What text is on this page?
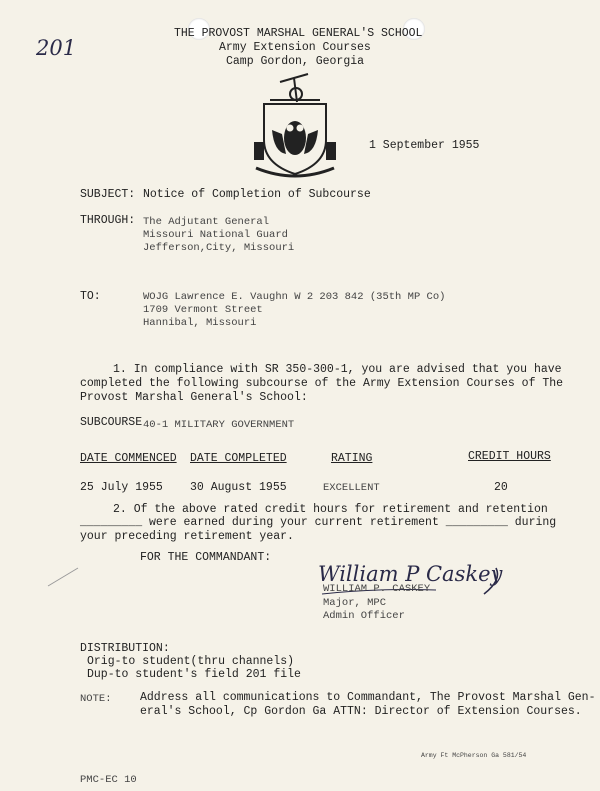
201
THE PROVOST MARSHAL GENERAL'S SCHOOL
Army Extension Courses
Camp Gordon, Georgia
1 September 1955
SUBJECT: Notice of Completion of Subcourse
THROUGH: The Adjutant General
Missouri National Guard
Jefferson,City, Missouri
TO:	WOJG Lawrence E. Vaughn W 2 203 842 (35th MP Co)
1709 Vermont Street
Hannibal, Missouri
1. In compliance with SR 350-300-1, you are advised that you have
completed the following subcourse of the Army Extension Courses of The
Provost Marshal General's School:
SUBCOURSE 40-1 MILITARY GOVERNMENT
DATE COMMENCED DATE COMPLETED	RATING	CREDIT HOURS
25 July 1955 30 August 1955	EXCELLENT	20
2. Of the above rated credit hours for retirement and retention
_________ were earned during your current retirement _________ during
your preceding retirement year.
FOR THE COMMANDANT:
William P Caskey
WILLIAM P. CASKEY
Major, MPC
Admin Officer
DISTRIBUTION:
Orig-to student(thru channels)
Dup-to student's field 201 file
NOTE: Address all communications to Commandant, The Provost Marshal Gen-
eral's School, Cp Gordon Ga ATTN: Director of Extension Courses.
Army Ft McPherson Ga 581/54
PMC-EC 10
